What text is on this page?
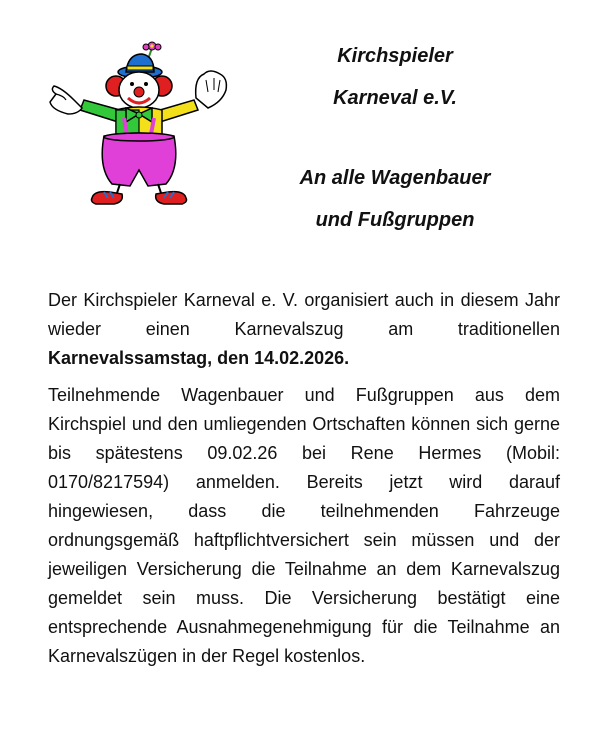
Kirchspieler
Karneval e.V.
An alle Wagenbauer
und Fußgruppen

Der Kirchspieler Karneval e. V. organisiert auch in diesem Jahr wieder einen Karnevalszug am traditionellen Karnevalssamstag, den 14.02.2026.

Teilnehmende Wagenbauer und Fußgruppen aus dem Kirchspiel und den umliegenden Ortschaften können sich gerne bis spätestens 09.02.26 bei Rene Hermes (Mobil: 0170/8217594) anmelden. Bereits jetzt wird darauf hingewiesen, dass die teilnehmenden Fahrzeuge ordnungsgemäß haftpflichtversichert sein müssen und der jeweiligen Versicherung die Teilnahme an dem Karnevalszug gemeldet sein muss. Die Versicherung bestätigt eine entsprechende Ausnahmegenehmigung für die Teilnahme an Karnevalszügen in der Regel kostenlos.
